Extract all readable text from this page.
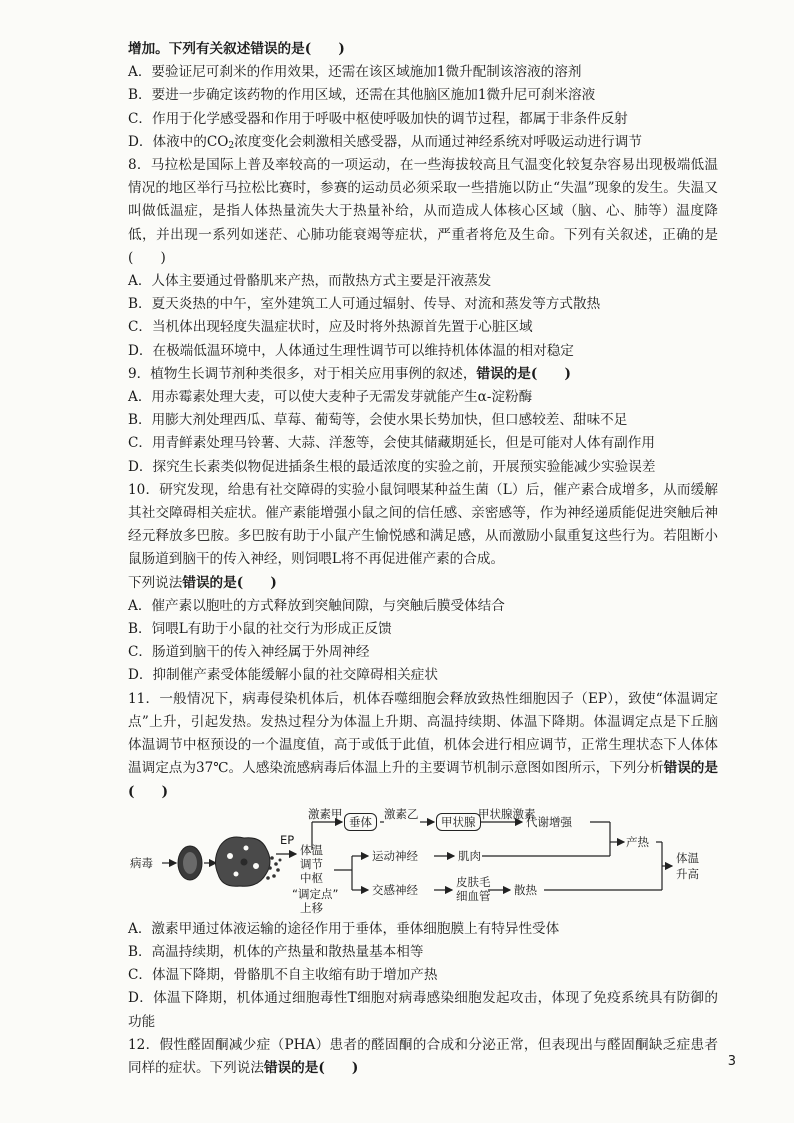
增加。下列有关叙述错误的是(　　)

A．要验证尼可刹米的作用效果，还需在该区域施加1微升配制该溶液的溶剂

B．要进一步确定该药物的作用区域，还需在其他脑区施加1微升尼可刹米溶液

C．作用于化学感受器和作用于呼吸中枢使呼吸加快的调节过程，都属于非条件反射

D．体液中的$CO_2$浓度变化会刺激相关感受器，从而通过神经系统对呼吸运动进行调节

8．马拉松是国际上普及率较高的一项运动，在一些海拔较高且气温变化较复杂容易出现极端低温情况的地区举行马拉松比赛时，参赛的运动员必须采取一些措施以防止“失温”现象的发生。失温又叫做低温症，是指人体热量流失大于热量补给，从而造成人体核心区域（脑、心、肺等）温度降低，并出现一系列如迷茫、心肺功能衰竭等症状，严重者将危及生命。下列有关叙述，正确的是(　　)

A．人体主要通过骨骼肌来产热，而散热方式主要是汗液蒸发

B．夏天炎热的中午，室外建筑工人可通过辐射、传导、对流和蒸发等方式散热

C．当机体出现轻度失温症状时，应及时将外热源首先置于心脏区域

D．在极端低温环境中，人体通过生理性调节可以维持机体体温的相对稳定

9．植物生长调节剂种类很多，对于相关应用事例的叙述，错误的是(　　)

A．用赤霉素处理大麦，可以使大麦种子无需发芽就能产生α-淀粉酶

B．用膨大剂处理西瓜、草莓、葡萄等，会使水果长势加快，但口感较差、甜味不足

C．用青鲜素处理马铃薯、大蒜、洋葱等，会使其储藏期延长，但是可能对人体有副作用

D．探究生长素类似物促进插条生根的最适浓度的实验之前，开展预实验能减少实验误差

10．研究发现，给患有社交障碍的实验小鼠饲喂某种益生菌（L）后，催产素合成增多，从而缓解其社交障碍相关症状。催产素能增强小鼠之间的信任感、亲密感等，作为神经递质能促进突触后神经元释放多巴胺。多巴胺有助于小鼠产生愉悦感和满足感，从而激励小鼠重复这些行为。若阻断小鼠肠道到脑干的传入神经，则饲喂L将不再促进催产素的合成。

下列说法错误的是(　　)

A．催产素以胞吐的方式释放到突触间隙，与突触后膜受体结合

B．饲喂L有助于小鼠的社交行为形成正反馈

C．肠道到脑干的传入神经属于外周神经

D．抑制催产素受体能缓解小鼠的社交障碍相关症状

11．一般情况下，病毒侵染机体后，机体吞噬细胞会释放致热性细胞因子（EP），致使“体温调定点”上升，引起发热。发热过程分为体温上升期、高温持续期、体温下降期。体温调定点是下丘脑体温调节中枢预设的一个温度值，高于或低于此值，机体会进行相应调节，正常生理状态下人体体温调定点为37℃。人感染流感病毒后体温上升的主要调节机制示意图如图所示，下列分析错误的是(　　)

病毒
EP
体温
调节
中枢
“调定点”
上移
激素甲
垂体
激素乙
甲状腺
甲状腺激素
代谢增强
运动神经	肌肉
交感神经
皮肤毛
细血管 散热
产热
体温
升高

A．激素甲通过体液运输的途径作用于垂体，垂体细胞膜上有特异性受体

B．高温持续期，机体的产热量和散热量基本相等

C．体温下降期，骨骼肌不自主收缩有助于增加产热

D．体温下降期，机体通过细胞毒性T细胞对病毒感染细胞发起攻击，体现了免疫系统具有防御的功能

12．假性醛固酮减少症（PHA）患者的醛固酮的合成和分泌正常，但表现出与醛固酮缺乏症患者同样的症状。下列说法错误的是(　　)	3
